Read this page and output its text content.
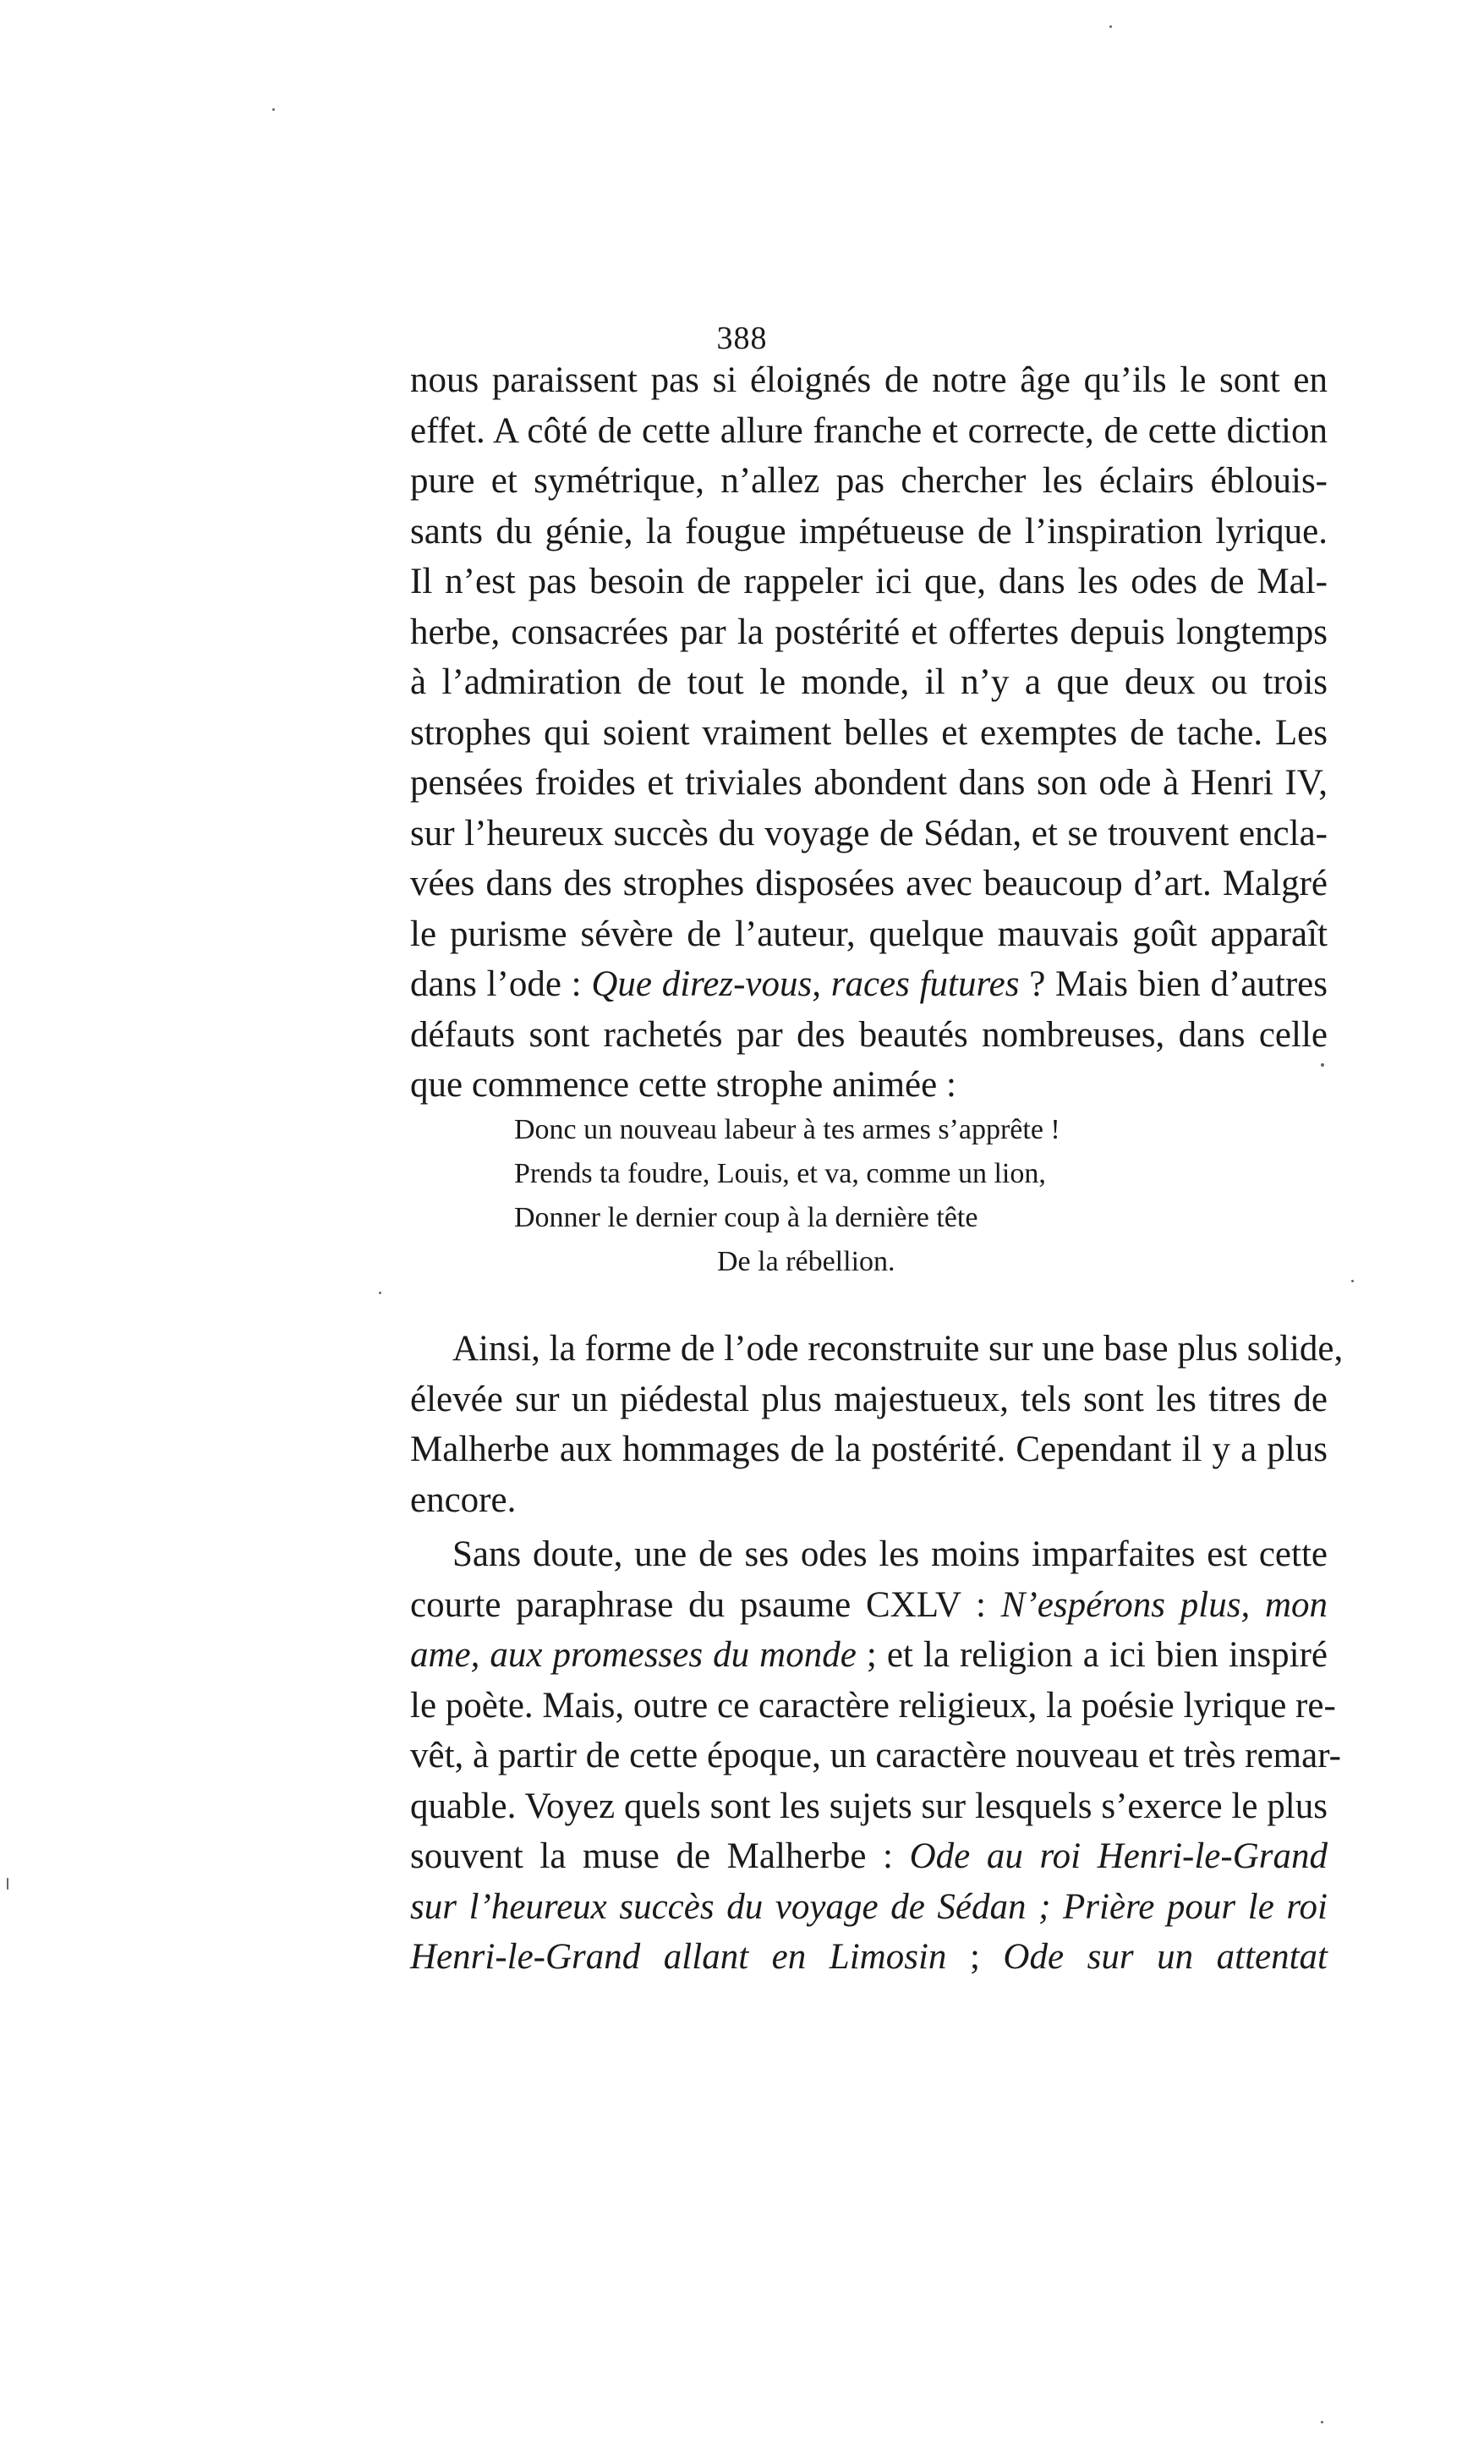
388
nous paraissent pas si éloignés de notre âge qu’ils le sont en
effet. A côté de cette allure franche et correcte, de cette diction
pure et symétrique, n’allez pas chercher les éclairs éblouis-
sants du génie, la fougue impétueuse de l’inspiration lyrique.
Il n’est pas besoin de rappeler ici que, dans les odes de Mal-
herbe, consacrées par la postérité et offertes depuis longtemps
à l’admiration de tout le monde, il n’y a que deux ou trois
strophes qui soient vraiment belles et exemptes de tache. Les
pensées froides et triviales abondent dans son ode à Henri IV,
sur l’heureux succès du voyage de Sédan, et se trouvent encla-
vées dans des strophes disposées avec beaucoup d’art. Malgré
le purisme sévère de l’auteur, quelque mauvais goût apparaît
dans l’ode : Que direz-vous, races futures ? Mais bien d’autres
défauts sont rachetés par des beautés nombreuses, dans celle
que commence cette strophe animée :
Donc un nouveau labeur à tes armes s’apprête !
Prends ta foudre, Louis, et va, comme un lion,
Donner le dernier coup à la dernière tête
De la rébellion.
Ainsi, la forme de l’ode reconstruite sur une base plus solide,
élevée sur un piédestal plus majestueux, tels sont les titres de
Malherbe aux hommages de la postérité. Cependant il y a plus
encore.
Sans doute, une de ses odes les moins imparfaites est cette
courte paraphrase du psaume CXLV : N’espérons plus, mon
ame, aux promesses du monde ; et la religion a ici bien inspiré
le poète. Mais, outre ce caractère religieux, la poésie lyrique re-
vêt, à partir de cette époque, un caractère nouveau et très remar-
quable. Voyez quels sont les sujets sur lesquels s’exerce le plus
souvent la muse de Malherbe : Ode au roi Henri-le-Grand
sur l’heureux succès du voyage de Sédan ; Prière pour le roi
Henri-le-Grand allant en Limosin ; Ode sur un attentat
